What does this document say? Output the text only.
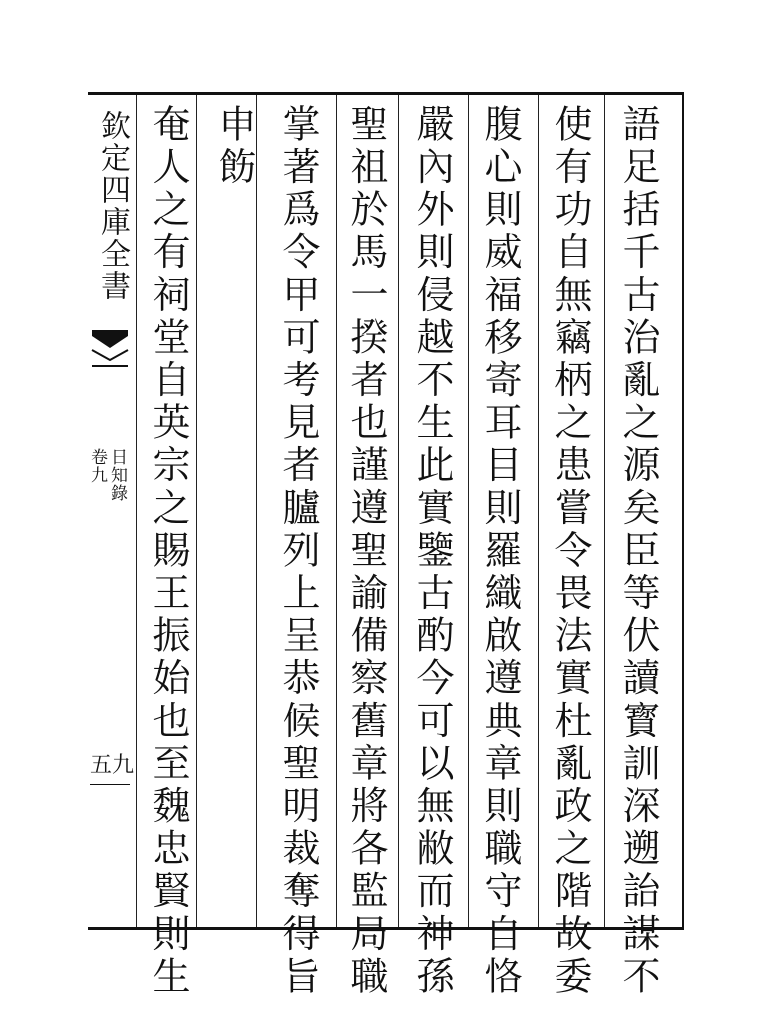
欽定四庫全書
日知錄
卷九
五九	語足括千古治亂之源矣臣等伏讀寳訓深遡詒謀不
使有功自無竊柄之患嘗令畏法實杜亂政之階故委
腹心則威福移寄耳目則羅織啟遵典章則職守自恪
嚴內外則侵越不生此實鑒古酌今可以無敝而神孫
聖祖於馬一揆者也謹遵聖諭備察舊章將各監局職
掌著爲令甲可考見者臚列上呈恭候聖明裁奪得旨
申飭
奄人之有祠堂自英宗之賜王振始也至魏忠賢則生
